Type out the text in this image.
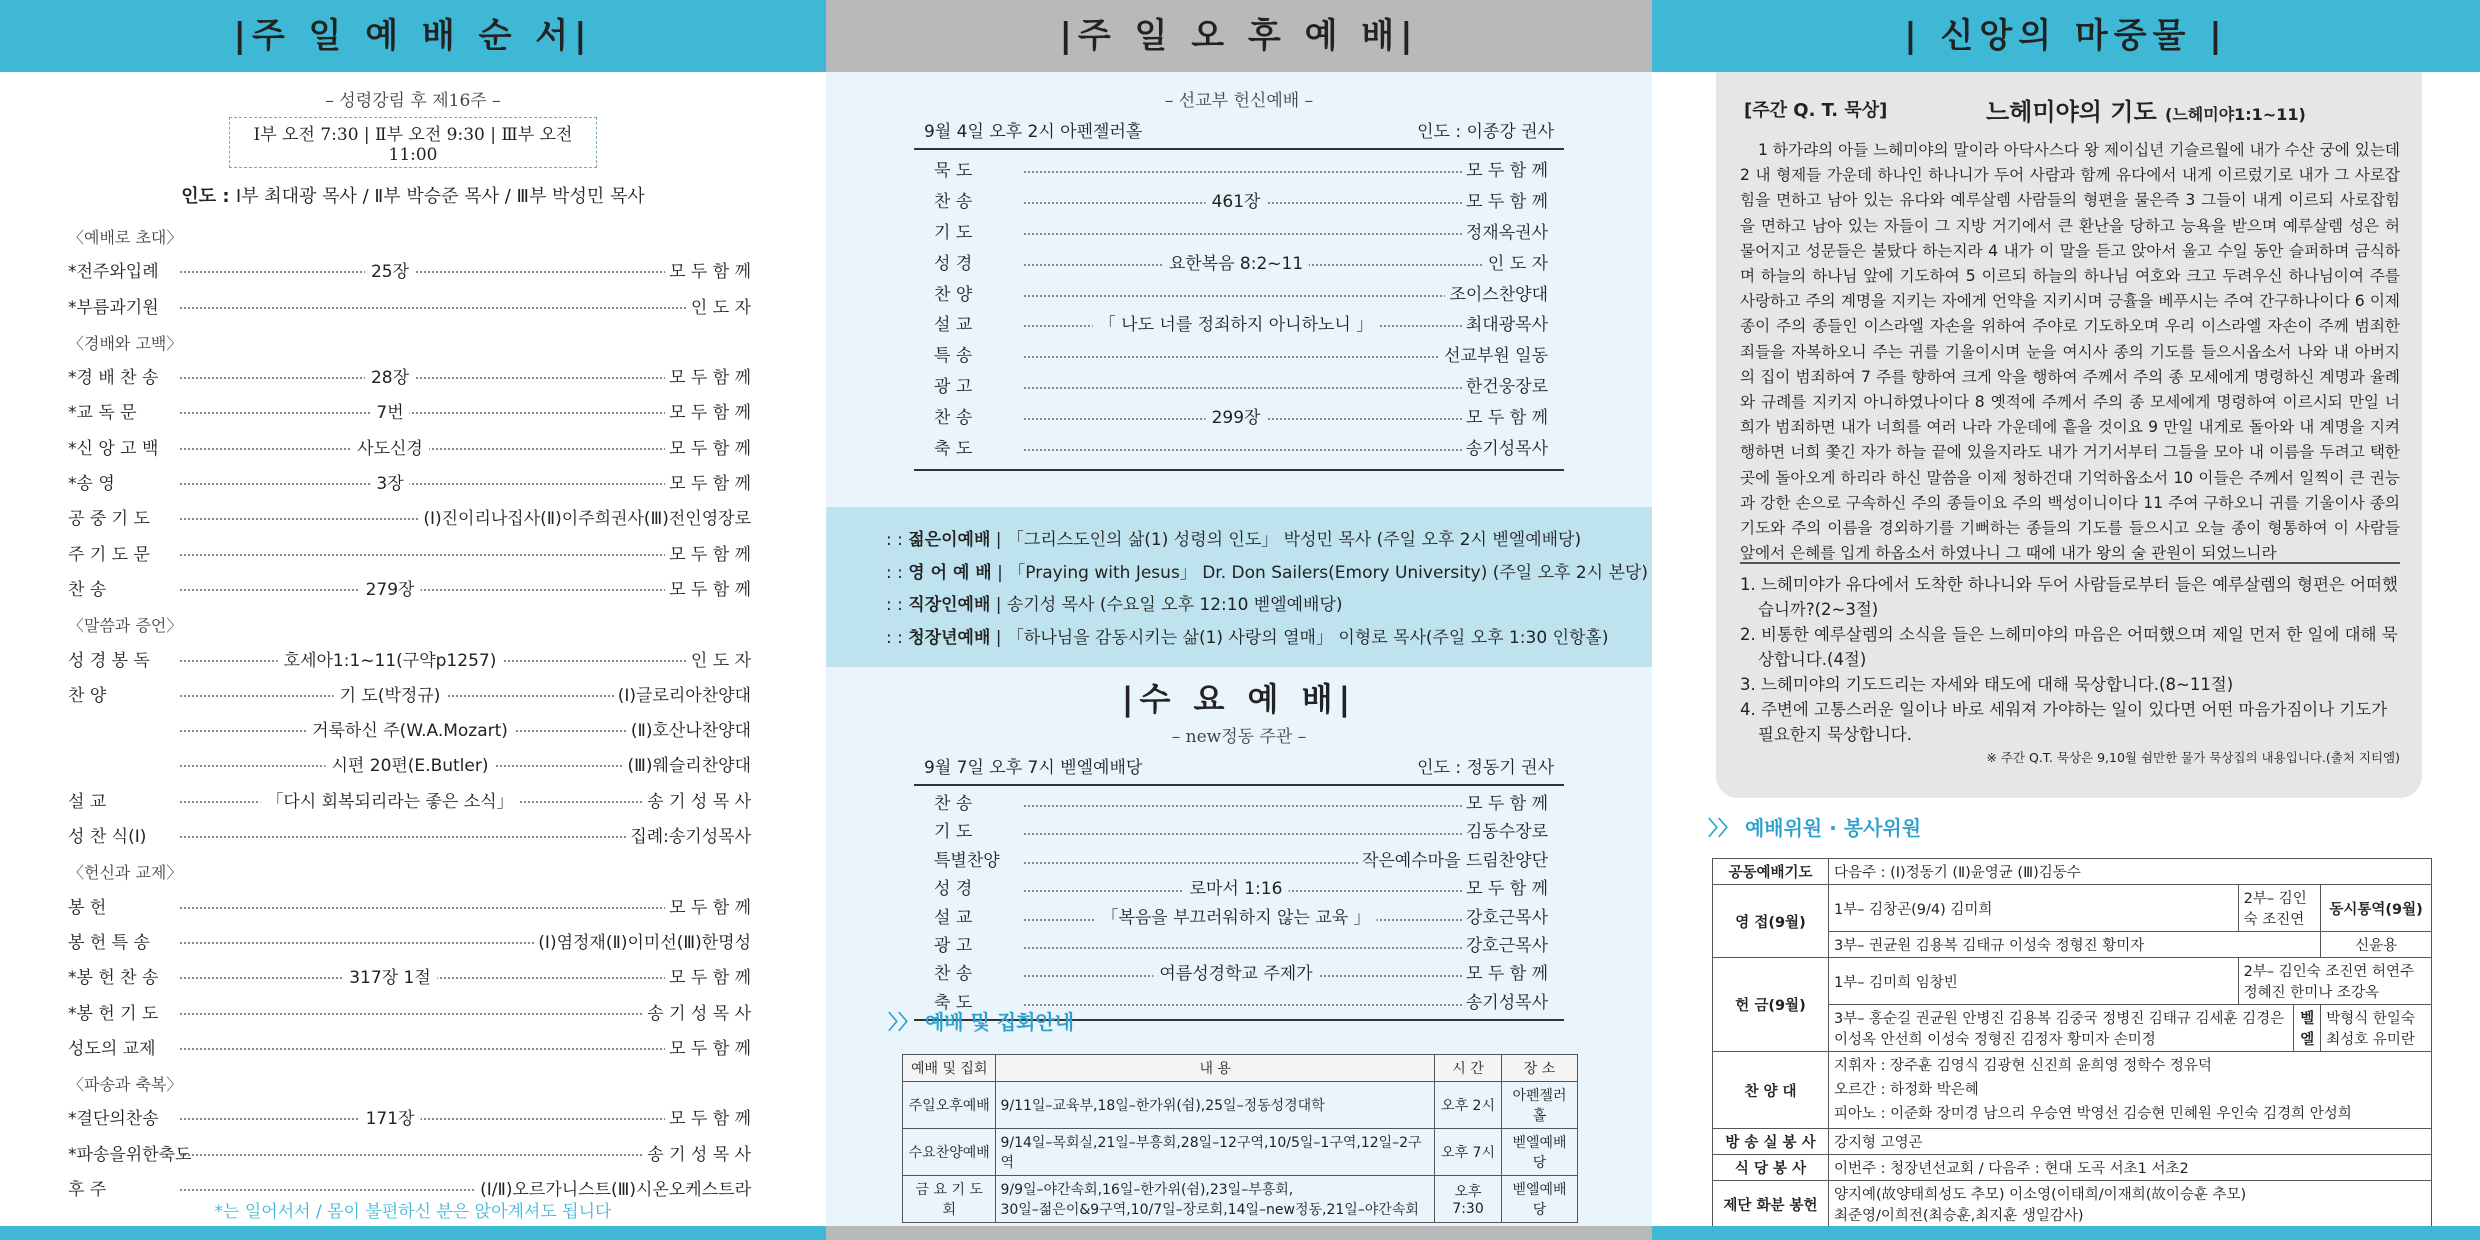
|주 일 예 배 순 서|
– 성령강림 후 제16주 –
Ⅰ부 오전 7:30 | Ⅱ부 오전 9:30 | Ⅲ부 오전 11:00
인도 : Ⅰ부 최대광 목사 / Ⅱ부 박승준 목사 / Ⅲ부 박성민 목사
〈예배로 초대〉
*전주와입례	25장	모 두 함 께
*부름과기원	인 도 자
〈경배와 고백〉
*경 배 찬 송	28장	모 두 함 께
*교 독 문	7번	모 두 함 께
*신 앙 고 백	사도신경	모 두 함 께
*송 영	3장	모 두 함 께
공 중 기 도	(Ⅰ)진이리나집사(Ⅱ)이주희권사(Ⅲ)전인영장로
주 기 도 문	모 두 함 께
찬 송	279장	모 두 함 께
〈말씀과 증언〉
성 경 봉 독	호세아1:1~11(구약p1257)	인 도 자
찬 양	기 도(박정규)	(Ⅰ)글로리아찬양대
거룩하신 주(W.A.Mozart)	(Ⅱ)호산나찬양대
시편 20편(E.Butler)	(Ⅲ)웨슬리찬양대
설 교	「다시 회복되리라는 좋은 소식」	송 기 성 목 사
성 찬 식(Ⅰ)	집례:송기성목사
〈헌신과 교제〉
봉 헌	모 두 함 께
봉 헌 특 송	(Ⅰ)염정재(Ⅱ)이미선(Ⅲ)한명성
*봉 헌 찬 송	317장 1절	모 두 함 께
*봉 헌 기 도	송 기 성 목 사
성도의 교제	모 두 함 께
〈파송과 축복〉
*결단의찬송	171장	모 두 함 께
*파송을위한축도	송 기 성 목 사
후 주	(Ⅰ/Ⅱ)오르가니스트(Ⅲ)시온오케스트라
*는 일어서서 / 몸이 불편하신 분은 앉아계셔도 됩니다
|주 일 오 후 예 배|
– 선교부 헌신예배 –
9월 4일 오후 2시 아펜젤러홀	인도 : 이종강 권사
묵 도	모 두 함 께
찬 송	461장	모 두 함 께
기 도	정재옥권사
성 경	요한복음 8:2~11	인 도 자
찬 양	조이스찬양대
설 교	「 나도 너를 정죄하지 아니하노니 」	최대광목사
특 송	선교부원 일동
광 고	한건웅장로
찬 송	299장	모 두 함 께
축 도	송기성목사
: : 젊은이예배 | 「그리스도인의 삶(1) 성령의 인도」 박성민 목사 (주일 오후 2시 벧엘예배당)
: : 영 어 예 배 | 「Praying with Jesus」 Dr. Don Sailers(Emory University) (주일 오후 2시 본당)
: : 직장인예배 | 송기성 목사 (수요일 오후 12:10 벧엘예배당)
: : 청장년예배 | 「하나님을 감동시키는 삶(1) 사랑의 열매」 이형로 목사(주일 오후 1:30 인항홀)
|수 요 예 배|
– new정동 주관 –
9월 7일 오후 7시 벧엘예배당	인도 : 정동기 권사
찬 송	모 두 함 께
기 도	김동수장로
특별찬양	작은예수마을 드림찬양단
성 경	로마서 1:16	모 두 함 께
설 교	「복음을 부끄러워하지 않는 교육 」	강호근목사
광 고	강호근목사
찬 송	여름성경학교 주제가	모 두 함 께
축 도	송기성목사
〉〉 예배 및 집회안내
예배 및 집회	내 용	시 간	장 소
주일오후예배	9/11일–교육부,18일–한가위(쉼),25일–정동성경대학	오후 2시	아펜젤러홀
수요찬양예배	9/14일–목회실,21일–부흥회,28일–12구역,10/5일–1구역,12일–2구역	오후 7시	벧엘예배당
금 요 기 도 회	9/9일–야간속회,16일–한가위(쉼),23일–부흥회,
30일–젊은이&9구역,10/7일–장로회,14일–new정동,21일–야간속회	오후7:30	벧엘예배당
| 신앙의 마중물 |
[주간 Q. T. 묵상]	느헤미야의 기도 (느헤미야1:1~11)
1 하가랴의 아들 느헤미야의 말이라 아닥사스다 왕 제이십년 기슬르월에 내가 수산 궁에 있는데 2 내 형제들 가운데 하나인 하나니가 두어 사람과 함께 유다에서 내게 이르렀기로 내가 그 사로잡힘을 면하고 남아 있는 유다와 예루살렘 사람들의 형편을 물은즉 3 그들이 내게 이르되 사로잡힘을 면하고 남아 있는 자들이 그 지방 거기에서 큰 환난을 당하고 능욕을 받으며 예루살렘 성은 허물어지고 성문들은 불탔다 하는지라 4 내가 이 말을 듣고 앉아서 울고 수일 동안 슬퍼하며 금식하며 하늘의 하나님 앞에 기도하여 5 이르되 하늘의 하나님 여호와 크고 두려우신 하나님이여 주를 사랑하고 주의 계명을 지키는 자에게 언약을 지키시며 긍휼을 베푸시는 주여 간구하나이다 6 이제 종이 주의 종들인 이스라엘 자손을 위하여 주야로 기도하오며 우리 이스라엘 자손이 주께 범죄한 죄들을 자복하오니 주는 귀를 기울이시며 눈을 여시사 종의 기도를 들으시옵소서 나와 내 아버지의 집이 범죄하여 7 주를 향하여 크게 악을 행하여 주께서 주의 종 모세에게 명령하신 계명과 율례와 규례를 지키지 아니하였나이다 8 옛적에 주께서 주의 종 모세에게 명령하여 이르시되 만일 너희가 범죄하면 내가 너희를 여러 나라 가운데에 흩을 것이요 9 만일 내게로 돌아와 내 계명을 지켜 행하면 너희 쫓긴 자가 하늘 끝에 있을지라도 내가 거기서부터 그들을 모아 내 이름을 두려고 택한 곳에 돌아오게 하리라 하신 말씀을 이제 청하건대 기억하옵소서 10 이들은 주께서 일찍이 큰 권능과 강한 손으로 구속하신 주의 종들이요 주의 백성이니이다 11 주여 구하오니 귀를 기울이사 종의 기도와 주의 이름을 경외하기를 기뻐하는 종들의 기도를 들으시고 오늘 종이 형통하여 이 사람들 앞에서 은혜를 입게 하옵소서 하였나니 그 때에 내가 왕의 술 관원이 되었느니라
1. 느헤미야가 유다에서 도착한 하나니와 두어 사람들로부터 들은 예루살렘의 형편은 어떠했습니까?(2~3절)
2. 비통한 예루살렘의 소식을 들은 느헤미야의 마음은 어떠했으며 제일 먼저 한 일에 대해 묵상합니다.(4절)
3. 느헤미야의 기도드리는 자세와 태도에 대해 묵상합니다.(8~11절)
4. 주변에 고통스러운 일이나 바로 세워져 가야하는 일이 있다면 어떤 마음가짐이나 기도가 필요한지 묵상합니다.
※ 주간 Q.T. 묵상은 9,10월 쉼만한 물가 묵상집의 내용입니다.(출처 지티엠)
〉〉 예배위원 · 봉사위원
공동예배기도	다음주 : (Ⅰ)정동기 (Ⅱ)윤영균 (Ⅲ)김동수			
영 접(9월)	1부– 김창곤(9/4) 김미희	2부– 김인숙 조진연		동시통역(9월)
	3부– 권균원 김용복 김태규 이성숙 정형진 황미자			신윤용
헌 금(9월)	1부– 김미희 임창빈	2부– 김인숙 조진연 허연주 정혜진 한미나 조강옥		
	3부– 홍순길 권균원 안병진 김용복 김중국 정병진 김태규 김세훈 김경은 이성옥 안선희 이성숙 정형진 김정자 황미자 손미정		벨 엘	박형식 한일숙 최성호 유미란
찬 양 대	지휘자 : 장주훈 김영식 김광현 신진희 윤희영 정학수 정유덕
오르간 : 하정화 박은혜
피아노 : 이준화 장미경 남으리 우승연 박영선 김승현 민혜원 우인숙 김경희 안성희			

방 송 실 봉 사	강지형 고영곤			
식 당 봉 사	이번주 : 청장년선교회 / 다음주 : 현대 도곡 서초1 서초2			
제단 화분 봉헌	양지예(故양태희성도 추모) 이소영(이태희/이재희(故이승훈 추모)
최준영/이희전(최승훈,최지훈 생일감사)			
